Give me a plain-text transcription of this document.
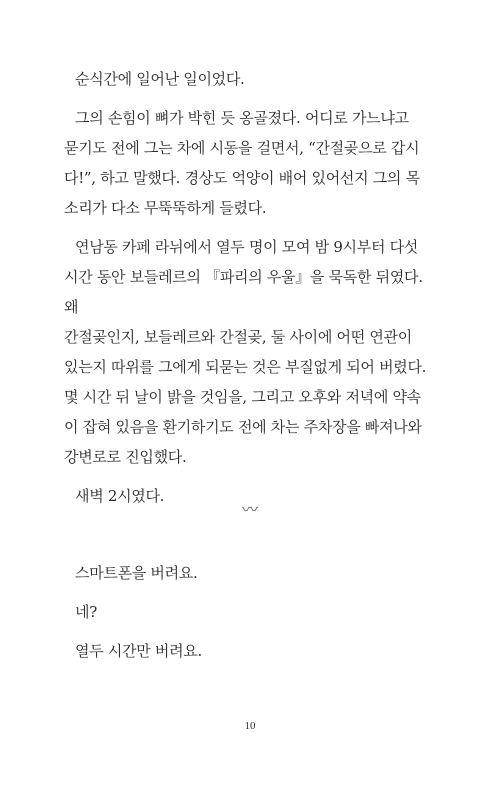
순식간에 일어난 일이었다.

그의 손힘이 뼈가 박힌 듯 옹골졌다. 어디로 가느냐고
묻기도 전에 그는 차에 시동을 걸면서, “간절곶으로 갑시
다!”, 하고 말했다. 경상도 억양이 배어 있어선지 그의 목
소리가 다소 무뚝뚝하게 들렸다.

연남동 카페 라뉘에서 열두 명이 모여 밤 9시부터 다섯
시간 동안 보들레르의 『파리의 우울』을 묵독한 뒤였다. 왜
간절곶인지, 보들레르와 간절곶, 둘 사이에 어떤 연관이
있는지 따위를 그에게 되묻는 것은 부질없게 되어 버렸다.
몇 시간 뒤 날이 밝을 것임을, 그리고 오후와 저녁에 약속
이 잡혀 있음을 환기하기도 전에 차는 주차장을 빠져나와
강변로로 진입했다.

새벽 2시였다.

〰

스마트폰을 버려요.

네?

열두 시간만 버려요.

10
